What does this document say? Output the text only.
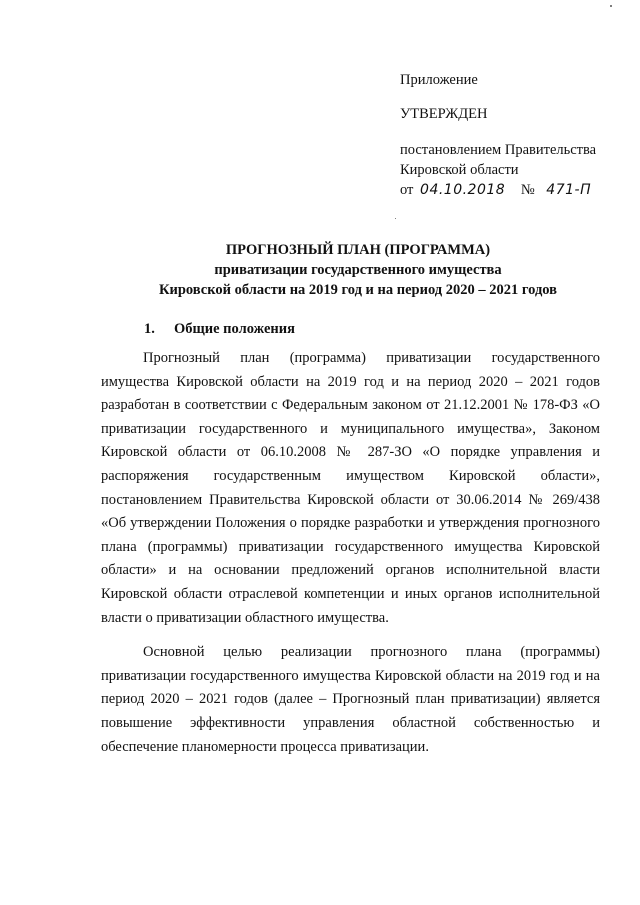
Приложение
УТВЕРЖДЕН
постановлением Правительства
Кировской области
от 04.10.2018 № 471-П
ПРОГНОЗНЫЙ ПЛАН (ПРОГРАММА)
приватизации государственного имущества
Кировской области на 2019 год и на период 2020 – 2021 годов
1. Общие положения

Прогнозный план (программа) приватизации государственного имущества Кировской области на 2019 год и на период 2020 – 2021 годов разработан в соответствии с Федеральным законом от 21.12.2001 № 178-ФЗ «О приватизации государственного и муниципального имущества», Законом Кировской области от 06.10.2008 № 287-ЗО «О порядке управления и распоряжения государственным имуществом Кировской области», постановлением Правительства Кировской области от 30.06.2014 № 269/438 «Об утверждении Положения о порядке разработки и утверждения прогнозного плана (программы) приватизации государственного имущества Кировской области» и на основании предложений органов исполнительной власти Кировской области отраслевой компетенции и иных органов исполнительной власти о приватизации областного имущества.

Основной целью реализации прогнозного плана (программы) приватизации государственного имущества Кировской области на 2019 год и на период 2020 – 2021 годов (далее – Прогнозный план приватизации) является повышение эффективности управления областной собственностью и обеспечение планомерности процесса приватизации.
